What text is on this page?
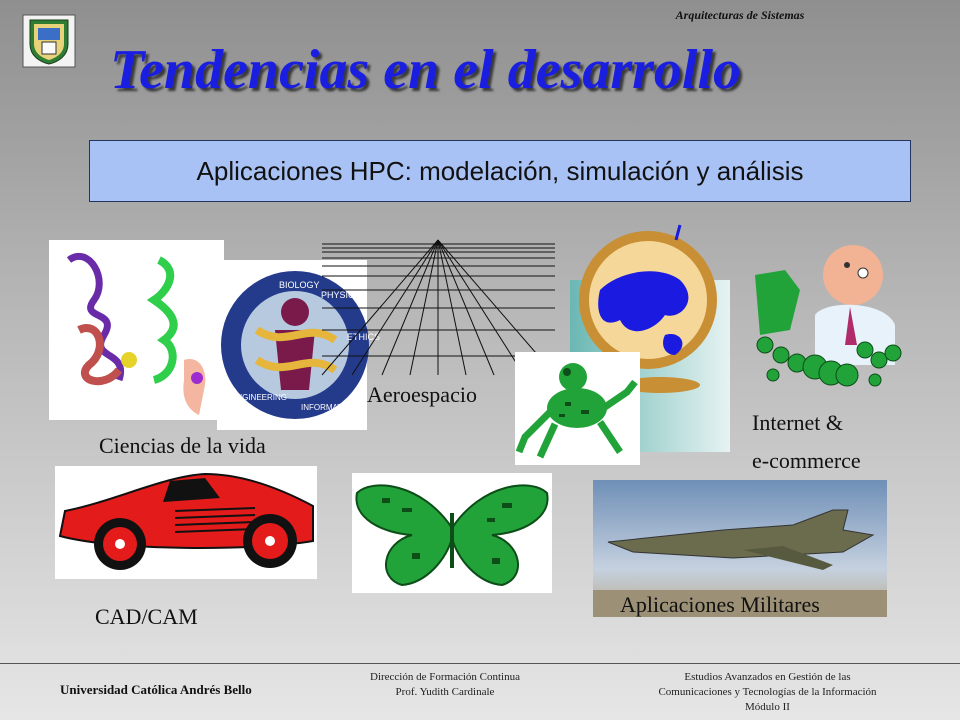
Arquitecturas de Sistemas
Tendencias en el desarrollo
Aplicaciones HPC: modelación, simulación y análisis
BIOLOGY
PHYSICS
ETHICS
ENGINEERING
INFORMATICS
Aeroespacio
Internet &
e-commerce
Ciencias de la vida
Aplicaciones Militares
CAD/CAM
Universidad Católica Andrés Bello
Dirección de Formación Continua
Prof. Yudith Cardinale
Estudios Avanzados en Gestión de las
Comunicaciones y Tecnologías de la Información
Módulo II
